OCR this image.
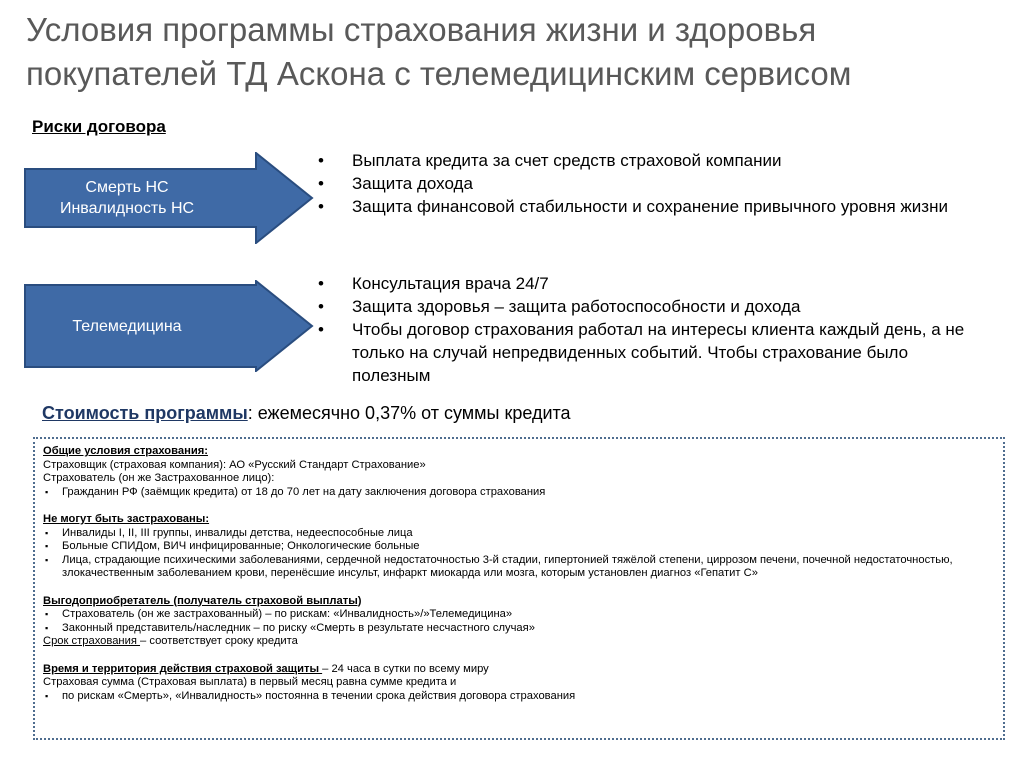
Условия программы страхования жизни и здоровья покупателей ТД Аскона с телемедицинским сервисом
Риски договора
Смерть НС
Инвалидность НС
Телемедицина
• Выплата кредита за счет средств страховой компании
• Защита дохода
• Защита финансовой стабильности и сохранение привычного уровня жизни
• Консультация врача 24/7
• Защита здоровья – защита работоспособности и дохода
• Чтобы договор страхования работал на интересы клиента каждый день, а не только на случай непредвиденных событий. Чтобы страхование было полезным
Стоимость программы: ежемесячно 0,37% от суммы кредита

Общие условия страхования:

Страховщик (страховая компания): АО «Русский Стандарт Страхование»

Страхователь (он же Застрахованное лицо):

▪ Гражданин РФ (заёмщик кредита) от 18 до 70 лет на дату заключения договора страхования

Не могут быть застрахованы:

▪ Инвалиды I, II, III группы, инвалиды детства, недееспособные лица
▪ Больные СПИДом, ВИЧ инфицированные; Онкологические больные
▪ Лица, страдающие психическими заболеваниями, сердечной недостаточностью 3-й стадии, гипертонией тяжёлой степени, циррозом печени, почечной недостаточностью, злокачественным заболеванием крови, перенёсшие инсульт, инфаркт миокарда или мозга, которым установлен диагноз «Гепатит С»

Выгодоприобретатель (получатель страховой выплаты)

▪ Страхователь (он же застрахованный) – по рискам: «Инвалидность»/»Телемедицина»
▪ Законный представитель/наследник – по риску «Смерть в результате несчастного случая»

Срок страхования – соответствует сроку кредита

Время и территория действия страховой защиты – 24 часа в сутки по всему миру

Страховая сумма (Страховая выплата) в первый месяц равна сумме кредита и

▪ по рискам «Смерть», «Инвалидность» постоянна в течении срока действия договора страхования
